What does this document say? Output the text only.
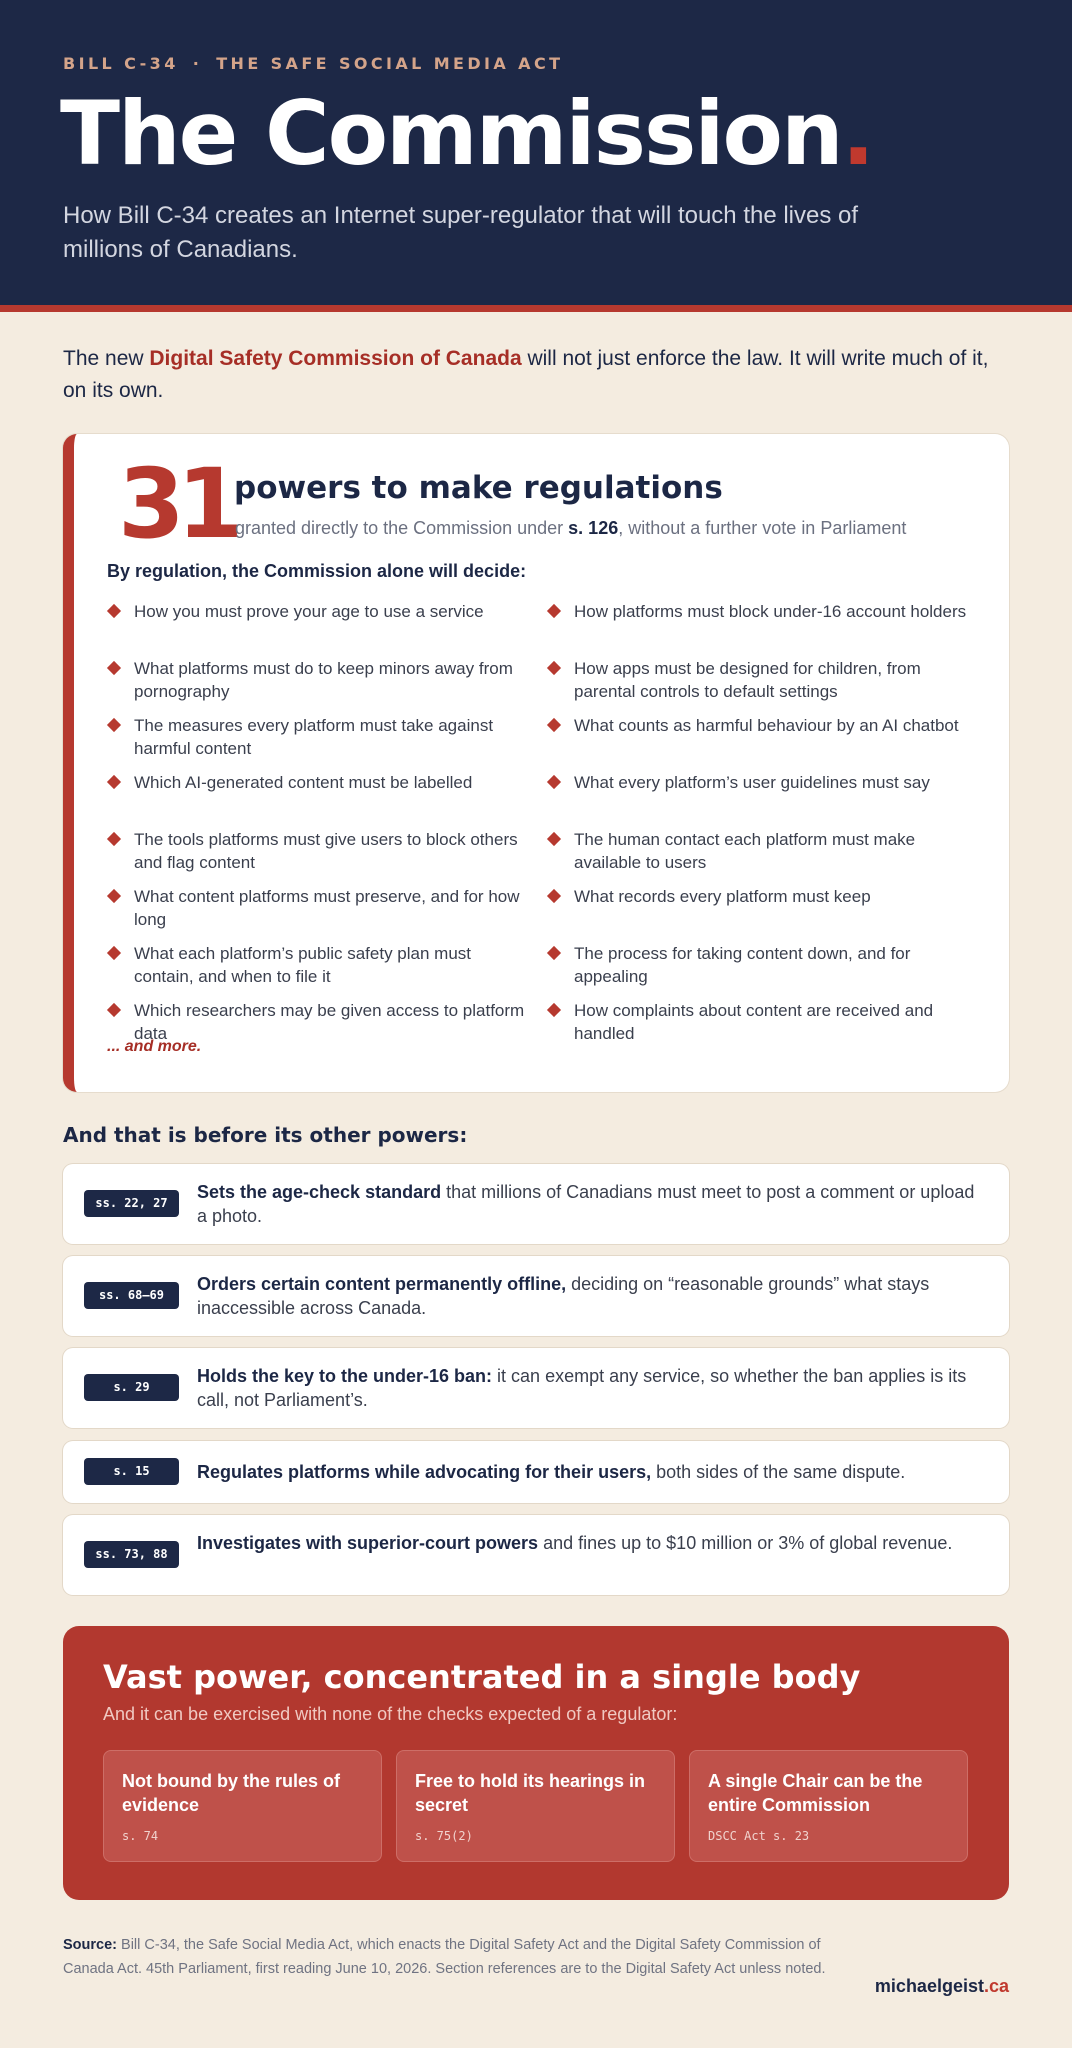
BILL C-34 · THE SAFE SOCIAL MEDIA ACT
The Commission.
How Bill C-34 creates an Internet super-regulator that will touch the lives of millions of Canadians.
The new Digital Safety Commission of Canada will not just enforce the law. It will write much of it, on its own.
31
powers to make regulations
granted directly to the Commission under s. 126, without a further vote in Parliament
By regulation, the Commission alone will decide:
How you must prove your age to use a service	How platforms must block under-16 account holders
What platforms must do to keep minors away from pornography
How apps must be designed for children, from parental controls to default settings
The measures every platform must take against harmful content
What counts as harmful behaviour by an AI chatbot
Which AI-generated content must be labelled	What every platform’s user guidelines must say
The tools platforms must give users to block others and flag content
The human contact each platform must make available to users
What content platforms must preserve, and for how long
What records every platform must keep
What each platform’s public safety plan must contain, and when to file it
The process for taking content down, and for appealing
Which researchers may be given access to platform data
How complaints about content are received and handled
... and more.
And that is before its other powers:
ss. 22, 27
Sets the age-check standard that millions of Canadians must meet to post a comment or upload a photo.
ss. 68–69
Orders certain content permanently offline, deciding on “reasonable grounds” what stays inaccessible across Canada.
s. 29
Holds the key to the under-16 ban: it can exempt any service, so whether the ban applies is its call, not Parliament’s.
s. 15	Regulates platforms while advocating for their users, both sides of the same dispute.
ss. 73, 88
Investigates with superior-court powers and fines up to $10 million or 3% of global revenue.
Vast power, concentrated in a single body
And it can be exercised with none of the checks expected of a regulator:
Not bound by the rules of evidence
s. 74
Free to hold its hearings in secret
s. 75(2)
A single Chair can be the entire Commission
DSCC Act s. 23
Source: Bill C-34, the Safe Social Media Act, which enacts the Digital Safety Act and the Digital Safety Commission of Canada Act. 45th Parliament, first reading June 10, 2026. Section references are to the Digital Safety Act unless noted.
michaelgeist.ca
